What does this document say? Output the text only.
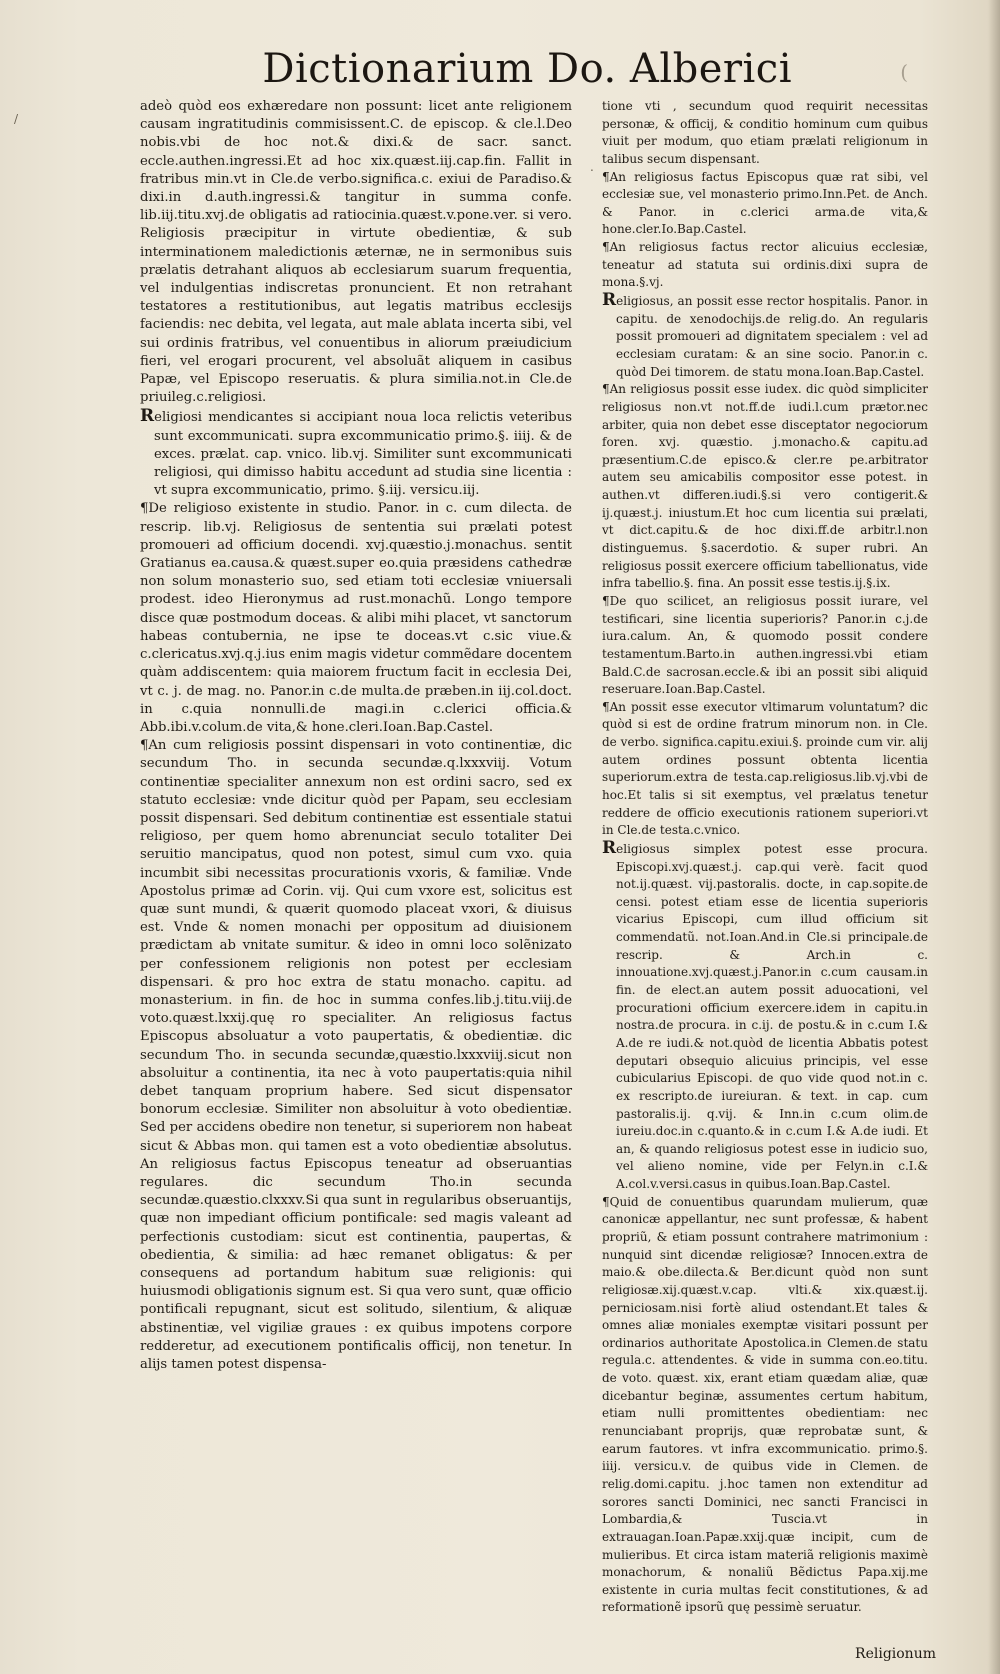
Dictionarium Do. Alberici	(
/
.

adeò quòd eos exhæredare non possunt: licet ante religionem causam ingratitudinis commisissent.C. de episcop. & cle.l.Deo nobis.vbi de hoc not.& dixi.& de sacr. sanct. eccle.authen.ingressi.Et ad hoc xix.quæst.iij.cap.fin. Fallit in fratribus min.vt in Cle.de verbo.significa.c. exiui de Paradiso.& dixi.in d.auth.ingressi.& tangitur in summa confe. lib.iij.titu.xvj.de obligatis ad ratiocinia.quæst.v.pone.ver. si vero. Religiosis præcipitur in virtute obedientiæ, & sub interminationem maledictionis æternæ, ne in sermonibus suis prælatis detrahant aliquos ab ecclesiarum suarum frequentia, vel indulgentias indiscretas pronuncient. Et non retrahant testatores a restitutionibus, aut legatis matribus ecclesijs faciendis: nec debita, vel legata, aut male ablata incerta sibi, vel sui ordinis fratribus, vel conuentibus in aliorum præiudicium fieri, vel erogari procurent, vel absoluãt aliquem in casibus Papæ, vel Episcopo reseruatis. & plura similia.not.in Cle.de priuileg.c.religiosi.

Religiosi mendicantes si accipiant noua loca relictis veteribus sunt excommunicati. supra excommunicatio primo.§. iiij. & de exces. prælat. cap. vnico. lib.vj. Similiter sunt excommunicati religiosi, qui dimisso habitu accedunt ad studia sine licentia : vt supra excommunicatio, primo. §.iij. versicu.iij.

¶De religioso existente in studio. Panor. in c. cum dilecta. de rescrip. lib.vj. Religiosus de sententia sui prælati potest promoueri ad officium docendi. xvj.quæstio.j.monachus. sentit Gratianus ea.causa.& quæst.super eo.quia præsidens cathedræ non solum monasterio suo, sed etiam toti ecclesiæ vniuersali prodest. ideo Hieronymus ad rust.monachũ. Longo tempore disce quæ postmodum doceas. & alibi mihi placet, vt sanctorum habeas contubernia, ne ipse te doceas.vt c.sic viue.& c.clericatus.xvj.q.j.ius enim magis videtur commẽdare docentem quàm addiscentem: quia maiorem fructum facit in ecclesia Dei, vt c. j. de mag. no. Panor.in c.de multa.de præben.in iij.col.doct. in c.quia nonnulli.de magi.in c.clerici officia.& Abb.ibi.v.colum.de vita,& hone.cleri.Ioan.Bap.Castel.

¶An cum religiosis possint dispensari in voto continentiæ, dic secundum Tho. in secunda secundæ.q.lxxxviij. Votum continentiæ specialiter annexum non est ordini sacro, sed ex statuto ecclesiæ: vnde dicitur quòd per Papam, seu ecclesiam possit dispensari. Sed debitum continentiæ est essentiale statui religioso, per quem homo abrenunciat seculo totaliter Dei seruitio mancipatus, quod non potest, simul cum vxo. quia incumbit sibi necessitas procurationis vxoris, & familiæ. Vnde Apostolus primæ ad Corin. vij. Qui cum vxore est, solicitus est quæ sunt mundi, & quærit quomodo placeat vxori, & diuisus est. Vnde & nomen monachi per oppositum ad diuisionem prædictam ab vnitate sumitur. & ideo in omni loco solẽnizato per confessionem religionis non potest per ecclesiam dispensari. & pro hoc extra de statu monacho. capitu. ad monasterium. in fin. de hoc in summa confes.lib.j.titu.viij.de voto.quæst.lxxij.quę ro specialiter. An religiosus factus Episcopus absoluatur a voto paupertatis, & obedientiæ. dic secundum Tho. in secunda secundæ,quæstio.lxxxviij.sicut non absoluitur a continentia, ita nec à voto paupertatis:quia nihil debet tanquam proprium habere. Sed sicut dispensator bonorum ecclesiæ. Similiter non absoluitur à voto obedientiæ. Sed per accidens obedire non tenetur, si superiorem non habeat sicut & Abbas mon. qui tamen est a voto obedientiæ absolutus. An religiosus factus Episcopus teneatur ad obseruantias regulares. dic secundum Tho.in secunda secundæ.quæstio.clxxxv.Si qua sunt in regularibus obseruantijs, quæ non impediant officium pontificale: sed magis valeant ad perfectionis custodiam: sicut est continentia, paupertas, & obedientia, & similia: ad hæc remanet obligatus: & per consequens ad portandum habitum suæ religionis: qui huiusmodi obligationis signum est. Si qua vero sunt, quæ officio pontificali repugnant, sicut est solitudo, silentium, & aliquæ abstinentiæ, vel vigiliæ graues : ex quibus impotens corpore redderetur, ad executionem pontificalis officij, non tenetur. In alijs tamen potest dispensa-

tione vti , secundum quod requirit necessitas personæ, & officij, & conditio hominum cum quibus viuit per modum, quo etiam prælati religionum in talibus secum dispensant.

¶An religiosus factus Episcopus quæ rat sibi, vel ecclesiæ sue, vel monasterio primo.Inn.Pet. de Anch. & Panor. in c.clerici arma.de vita,& hone.cler.Io.Bap.Castel.

¶An religiosus factus rector alicuius ecclesiæ, teneatur ad statuta sui ordinis.dixi supra de mona.§.vj.

Religiosus, an possit esse rector hospitalis. Panor. in capitu. de xenodochijs.de relig.do. An regularis possit promoueri ad dignitatem specialem : vel ad ecclesiam curatam: & an sine socio. Panor.in c. quòd Dei timorem. de statu mona.Ioan.Bap.Castel.

¶An religiosus possit esse iudex. dic quòd simpliciter religiosus non.vt not.ff.de iudi.l.cum prætor.nec arbiter, quia non debet esse disceptator negociorum foren. xvj. quæstio. j.monacho.& capitu.ad præsentium.C.de episco.& cler.re pe.arbitrator autem seu amicabilis compositor esse potest. in authen.vt differen.iudi.§.si vero contigerit.& ij.quæst.j. iniustum.Et hoc cum licentia sui prælati, vt dict.capitu.& de hoc dixi.ff.de arbitr.l.non distinguemus. §.sacerdotio. & super rubri. An religiosus possit exercere officium tabellionatus, vide infra tabellio.§. fina. An possit esse testis.ij.§.ix.

¶De quo scilicet, an religiosus possit iurare, vel testificari, sine licentia superioris? Panor.in c.j.de iura.calum. An, & quomodo possit condere testamentum.Barto.in authen.ingressi.vbi etiam Bald.C.de sacrosan.eccle.& ibi an possit sibi aliquid reseruare.Ioan.Bap.Castel.

¶An possit esse executor vltimarum voluntatum? dic quòd si est de ordine fratrum minorum non. in Cle. de verbo. significa.capitu.exiui.§. proinde cum vir. alij autem ordines possunt obtenta licentia superiorum.extra de testa.cap.religiosus.lib.vj.vbi de hoc.Et talis si sit exemptus, vel prælatus tenetur reddere de officio executionis rationem superiori.vt in Cle.de testa.c.vnico.

Religiosus simplex potest esse procura. Episcopi.xvj.quæst.j. cap.qui verè. facit quod not.ij.quæst. vij.pastoralis. docte, in cap.sopite.de censi. potest etiam esse de licentia superioris vicarius Episcopi, cum illud officium sit commendatũ. not.Ioan.And.in Cle.si principale.de rescrip. & Arch.in c. innouatione.xvj.quæst.j.Panor.in c.cum causam.in fin. de elect.an autem possit aduocationi, vel procurationi officium exercere.idem in capitu.in nostra.de procura. in c.ij. de postu.& in c.cum I.& A.de re iudi.& not.quòd de licentia Abbatis potest deputari obsequio alicuius principis, vel esse cubicularius Episcopi. de quo vide quod not.in c. ex rescripto.de iureiuran. & text. in cap. cum pastoralis.ij. q.vij. & Inn.in c.cum olim.de iureiu.doc.in c.quanto.& in c.cum I.& A.de iudi. Et an, & quando religiosus potest esse in iudicio suo, vel alieno nomine, vide per Felyn.in c.I.& A.col.v.versi.casus in quibus.Ioan.Bap.Castel.

¶Quid de conuentibus quarundam mulierum, quæ canonicæ appellantur, nec sunt professæ, & habent propriũ, & etiam possunt contrahere matrimonium : nunquid sint dicendæ religiosæ? Innocen.extra de maio.& obe.dilecta.& Ber.dicunt quòd non sunt religiosæ.xij.quæst.v.cap. vlti.& xix.quæst.ij. perniciosam.nisi fortè aliud ostendant.Et tales & omnes aliæ moniales exemptæ visitari possunt per ordinarios authoritate Apostolica.in Clemen.de statu regula.c. attendentes. & vide in summa con.eo.titu. de voto. quæst. xix, erant etiam quædam aliæ, quæ dicebantur beginæ, assumentes certum habitum, etiam nulli promittentes obedientiam: nec renunciabant proprijs, quæ reprobatæ sunt, & earum fautores. vt infra excommunicatio. primo.§. iiij. versicu.v. de quibus vide in Clemen. de relig.domi.capitu. j.hoc tamen non extenditur ad sorores sancti Dominici, nec sancti Francisci in Lombardia,& Tuscia.vt in extrauagan.Ioan.Papæ.xxij.quæ incipit, cum de mulieribus. Et circa istam materiã religionis maximè monachorum, & nonaliũ Bẽdictus Papa.xij.me existente in curia multas fecit constitutiones, & ad reformationẽ ipsorũ quę pessimè seruatur.

Religionum
